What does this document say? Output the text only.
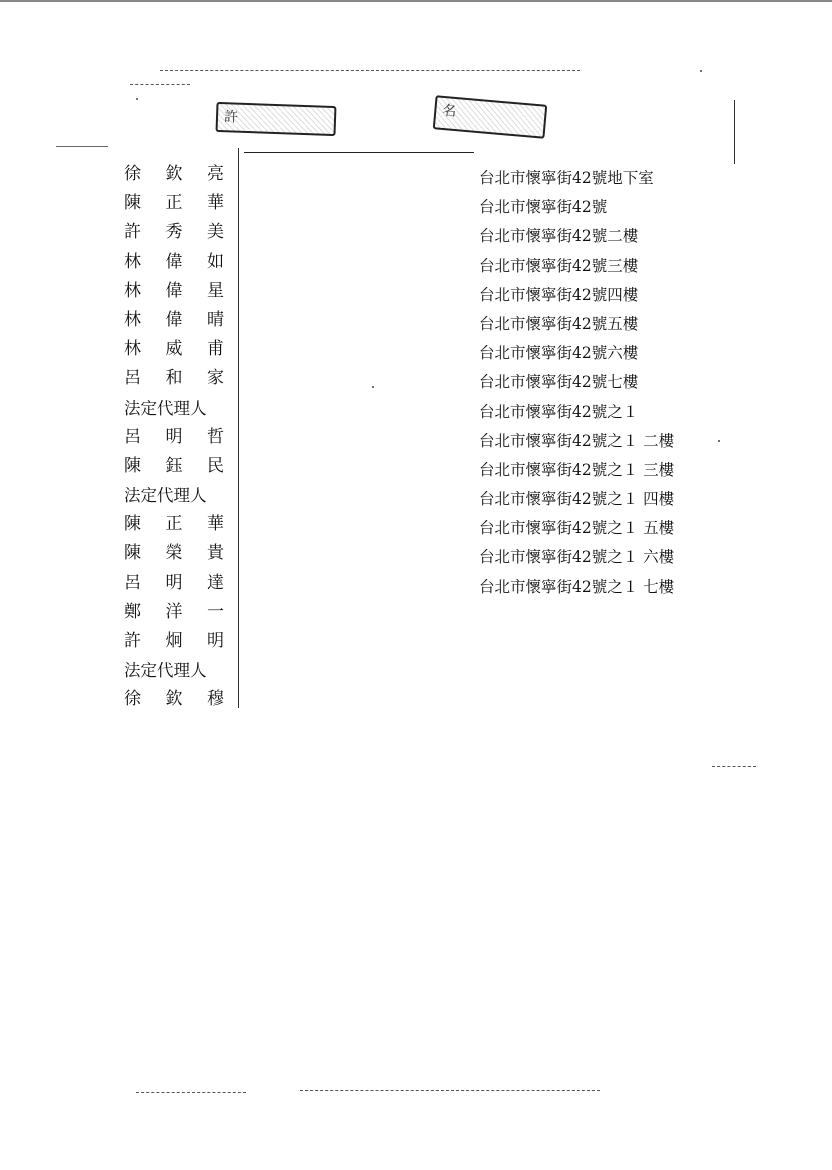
許	名
徐 欽 亮
陳 正 華
許 秀 美
林 偉 如
林 偉 星
林 偉 晴
林 威 甫
呂 和 家
法定代理人
呂 明 哲
陳 鈺 民
法定代理人
陳 正 華
陳 榮 貴
呂 明 達
鄭 洋 一
許 炯 明
法定代理人
徐 欽 穆
台北市懷寧街42號地下室
台北市懷寧街42號
台北市懷寧街42號二樓
台北市懷寧街42號三樓
台北市懷寧街42號四樓
台北市懷寧街42號五樓
台北市懷寧街42號六樓
台北市懷寧街42號七樓
台北市懷寧街42號之１
台北市懷寧街42號之１ 二樓
台北市懷寧街42號之１ 三樓
台北市懷寧街42號之１ 四樓
台北市懷寧街42號之１ 五樓
台北市懷寧街42號之１ 六樓
台北市懷寧街42號之１ 七樓
